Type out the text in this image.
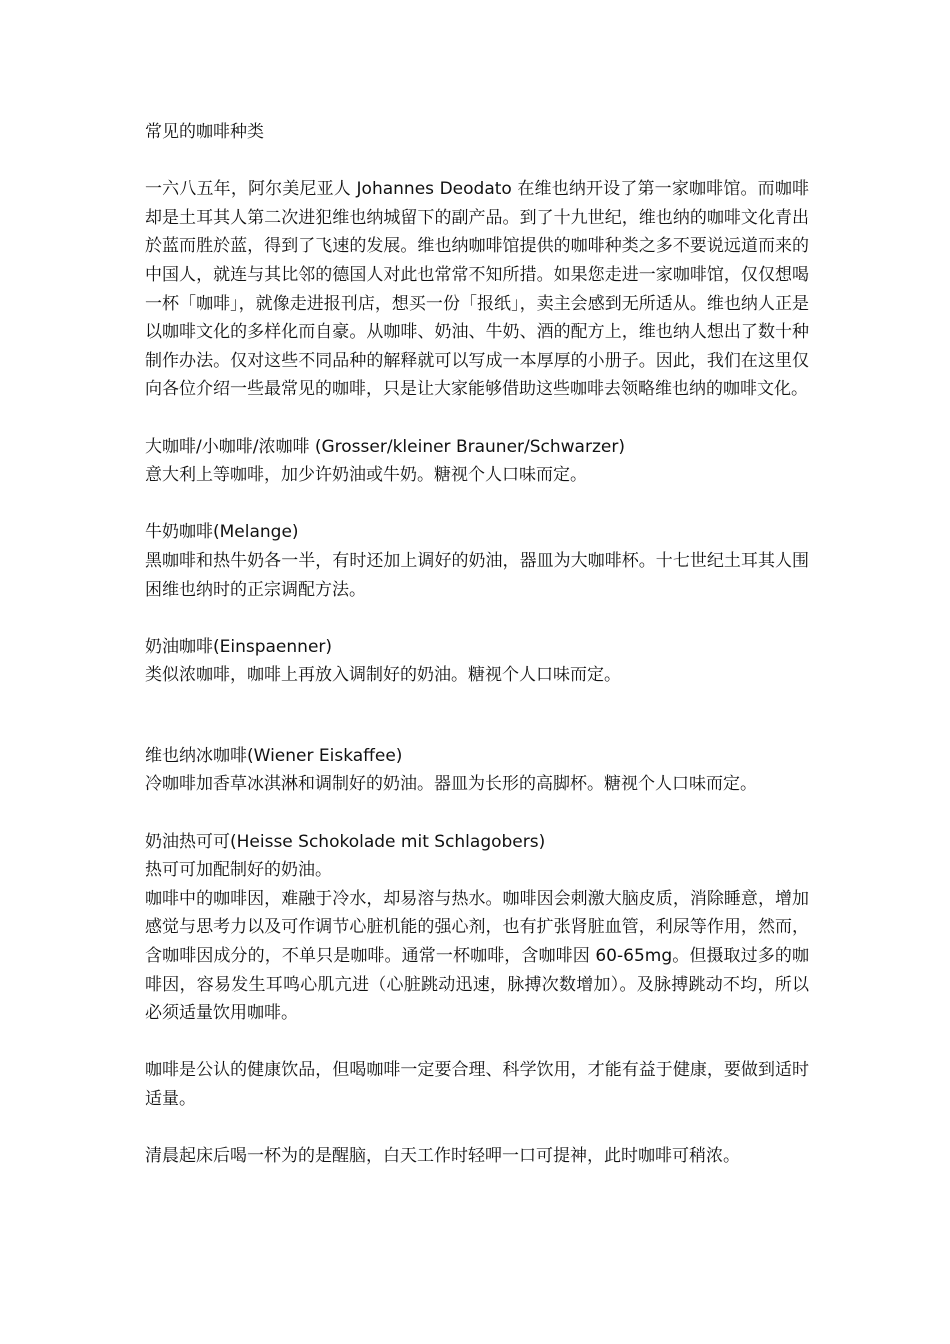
常见的咖啡种类

一六八五年，阿尔美尼亚人 Johannes Deodato 在维也纳开设了第一家咖啡馆。而咖啡却是土耳其人第二次进犯维也纳城留下的副产品。到了十九世纪，维也纳的咖啡文化青出於蓝而胜於蓝，得到了飞速的发展。维也纳咖啡馆提供的咖啡种类之多不要说远道而来的中国人，就连与其比邻的德国人对此也常常不知所措。如果您走进一家咖啡馆，仅仅想喝一杯「咖啡」，就像走进报刊店，想买一份「报纸」，卖主会感到无所适从。维也纳人正是以咖啡文化的多样化而自豪。从咖啡、奶油、牛奶、酒的配方上，维也纳人想出了数十种制作办法。仅对这些不同品种的解释就可以写成一本厚厚的小册子。因此，我们在这里仅向各位介绍一些最常见的咖啡，只是让大家能够借助这些咖啡去领略维也纳的咖啡文化。

大咖啡/小咖啡/浓咖啡 (Grosser/kleiner Brauner/Schwarzer)

意大利上等咖啡，加少许奶油或牛奶。糖视个人口味而定。

牛奶咖啡(Melange)

黑咖啡和热牛奶各一半，有时还加上调好的奶油，器皿为大咖啡杯。十七世纪土耳其人围困维也纳时的正宗调配方法。

奶油咖啡(Einspaenner)

类似浓咖啡，咖啡上再放入调制好的奶油。糖视个人口味而定。

维也纳冰咖啡(Wiener Eiskaffee)

冷咖啡加香草冰淇淋和调制好的奶油。器皿为长形的高脚杯。糖视个人口味而定。

奶油热可可(Heisse Schokolade mit Schlagobers)

热可可加配制好的奶油。

咖啡中的咖啡因，难融于冷水，却易溶与热水。咖啡因会刺激大脑皮质，消除睡意，增加感觉与思考力以及可作调节心脏机能的强心剂，也有扩张肾脏血管，利尿等作用，然而，含咖啡因成分的，不单只是咖啡。通常一杯咖啡，含咖啡因 60-65mg。但摄取过多的咖啡因，容易发生耳鸣心肌亢进（心脏跳动迅速，脉搏次数增加）。及脉搏跳动不均，所以必须适量饮用咖啡。

咖啡是公认的健康饮品，但喝咖啡一定要合理、科学饮用，才能有益于健康，要做到适时适量。

清晨起床后喝一杯为的是醒脑，白天工作时轻呷一口可提神，此时咖啡可稍浓。
